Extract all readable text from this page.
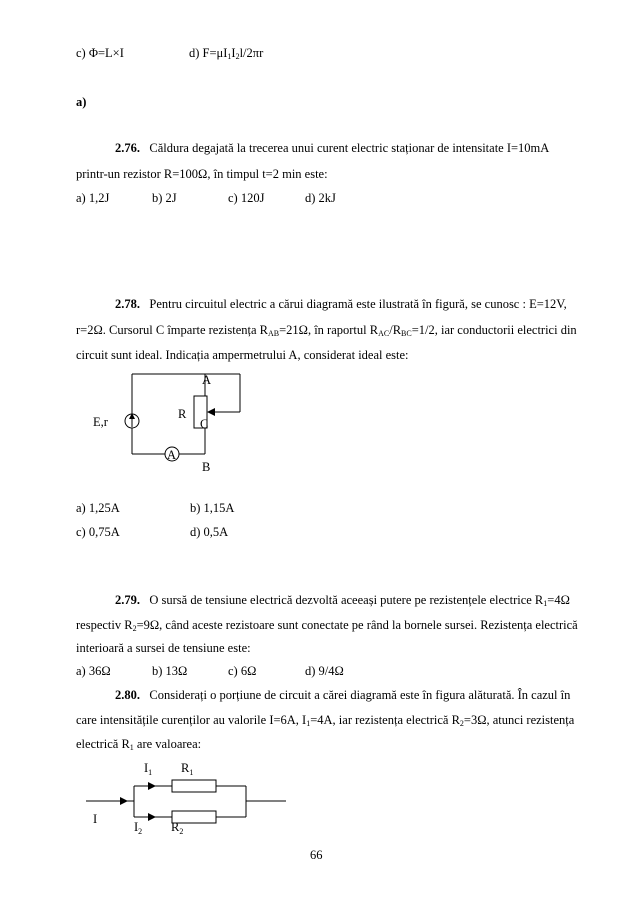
c) Φ=L×I	d) $F=\mu I_1I_2l/2\pi r$
a)
2.76. Căldura degajată la trecerea unui curent electric staționar de intensitate I=10mA
printr-un rezistor R=100Ω, în timpul t=2 min este:
a) 1,2J	b) 2J	c) 120J	d) 2kJ
2.78. Pentru circuitul electric a cărui diagramă este ilustrată în figură, se cunosc : E=12V,
r=2Ω. Cursorul C împarte rezistența $R_{AB}=21\Omega$, în raportul $R_{AC}/R_{BC}=1/2$, iar conductorii electrici din
circuit sunt ideal. Indicația ampermetrului A, considerat ideal este:
A
A
E,r
R
C
B
a) 1,25A	b) 1,15A
c) 0,75A	d) 0,5A
2.79. O sursă de tensiune electrică dezvoltă aceeași putere pe rezistențele electrice $R_1=4\Omega$
respectiv $R_2=9\Omega$, când aceste rezistoare sunt conectate pe rând la bornele sursei. Rezistența electrică
interioară a sursei de tensiune este:
a) 36Ω	b) 13Ω	c) 6Ω	d) 9/4Ω
2.80. Considerați o porțiune de circuit a cărei diagramă este în figura alăturată. În cazul în
care intensitățile curenților au valorile I=6A, $I_1=4A$, iar rezistența electrică $R_2=3\Omega$, atunci rezistența
electrică $R_1$ are valoarea:
$I_1$ $R_1$
I
$I_2$ $R_2$
66
